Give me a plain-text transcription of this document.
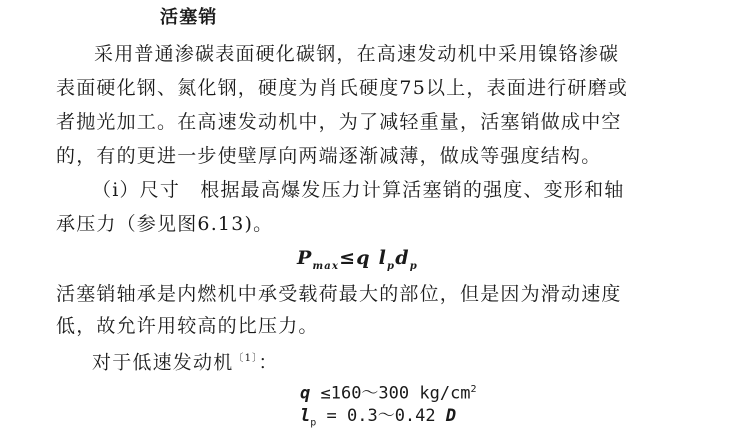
活塞销
采用普通渗碳表面硬化碳钢，在高速发动机中采用镍铬渗碳
表面硬化钢、氮化钢，硬度为肖氏硬度75以上，表面进行研磨或
者抛光加工。在高速发动机中，为了减轻重量，活塞销做成中空
的，有的更进一步使壁厚向两端逐渐减薄，做成等强度结构。
（ⅰ）尺寸　根据最高爆发压力计算活塞销的强度、变形和轴
承压力（参见图6.13)。
$P_{max}\le q$ $l_pd_p$
活塞销轴承是内燃机中承受载荷最大的部位，但是因为滑动速度
低，故允许用较高的比压力。
对于低速发动机$^{〔1〕}$：
q ≤160～300 $kg/cm^2$
$l_p$ = 0.3～0.42 D
